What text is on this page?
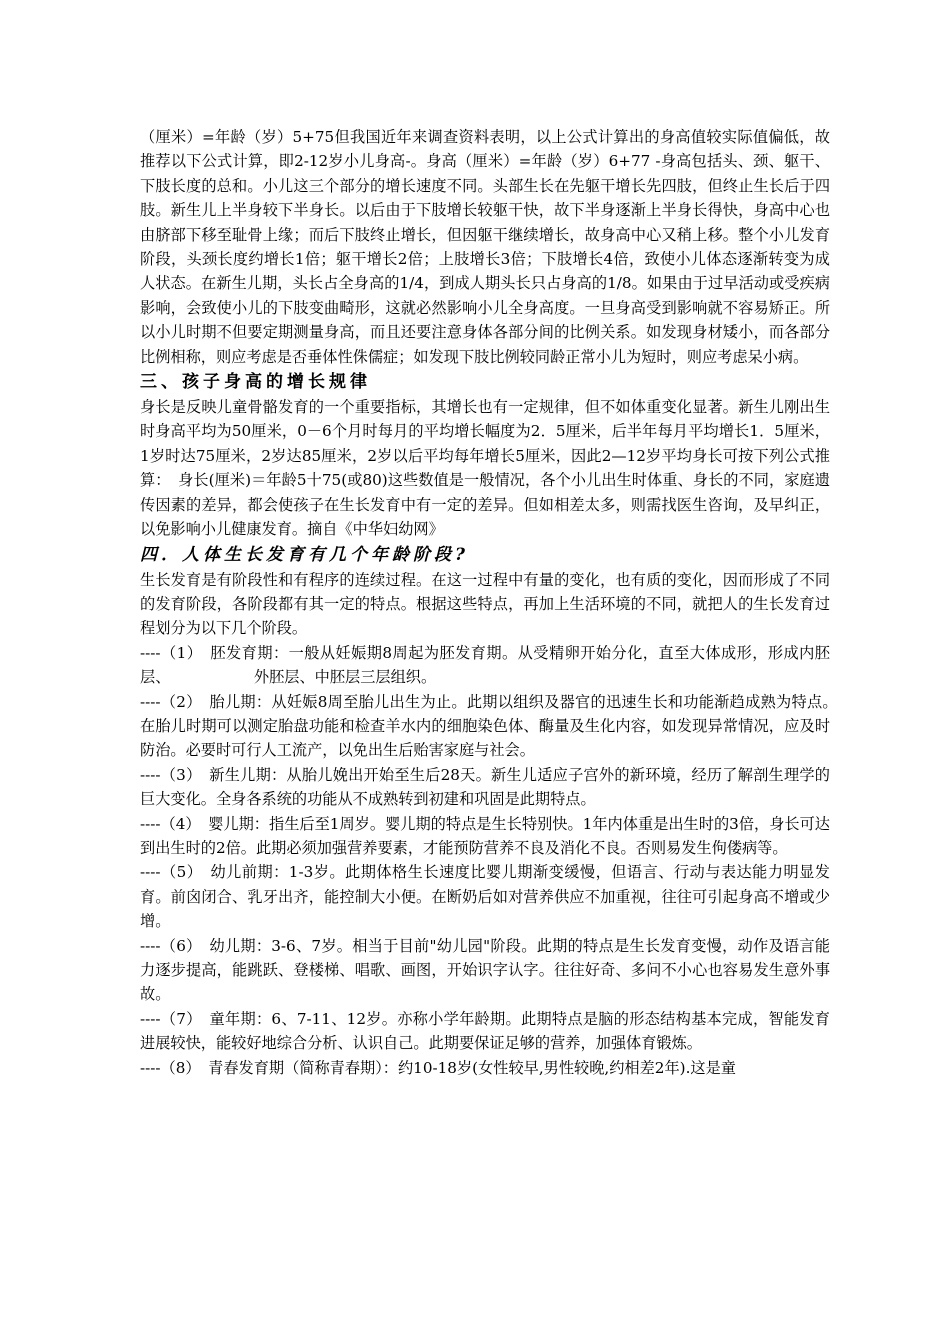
（厘米）=年龄（岁）5+75但我国近年来调查资料表明，以上公式计算出的身高值较实际值偏低，故推荐以下公式计算，即2-12岁小儿身高-。身高（厘米）=年龄（岁）6+77 -身高包括头、颈、躯干、下肢长度的总和。小儿这三个部分的增长速度不同。头部生长在先躯干增长先四肢，但终止生长后于四肢。新生儿上半身较下半身长。以后由于下肢增长较躯干快，故下半身逐渐上半身长得快，身高中心也由脐部下移至耻骨上缘；而后下肢终止增长，但因躯干继续增长，故身高中心又稍上移。整个小儿发育阶段，头颈长度约增长1倍；躯干增长2倍；上肢增长3倍；下肢增长4倍，致使小儿体态逐渐转变为成人状态。在新生儿期，头长占全身高的1/4，到成人期头长只占身高的1/8。如果由于过早活动或受疾病影响，会致使小儿的下肢变曲畸形，这就必然影响小儿全身高度。一旦身高受到影响就不容易矫正。所以小儿时期不但要定期测量身高，而且还要注意身体各部分间的比例关系。如发现身材矮小，而各部分比例相称，则应考虑是否垂体性侏儒症；如发现下肢比例较同龄正常小儿为短时，则应考虑呆小病。

三、孩子身高的增长规律

身长是反映儿童骨骼发育的一个重要指标，其增长也有一定规律，但不如体重变化显著。新生儿刚出生时身高平均为50厘米，0－6个月时每月的平均增长幅度为2．5厘米，后半年每月平均增长1．5厘米，1岁时达75厘米，2岁达85厘米，2岁以后平均每年增长5厘米，因此2—12岁平均身长可按下列公式推算：　身长(厘米)＝年龄5十75(或80)这些数值是一般情况，各个小儿出生时体重、身长的不同，家庭遗传因素的差异，都会使孩子在生长发育中有一定的差异。但如相差太多，则需找医生咨询，及早纠正，以免影响小儿健康发育。摘自《中华妇幼网》

四．人体生长发育有几个年龄阶段?

生长发育是有阶段性和有程序的连续过程。在这一过程中有量的变化，也有质的变化，因而形成了不同的发育阶段，各阶段都有其一定的特点。根据这些特点，再加上生活环境的不同，就把人的生长发育过程划分为以下几个阶段。

----（1）　胚发育期：一般从妊娠期8周起为胚发育期。从受精卵开始分化，直至大体成形，形成内胚层、　　　　　　外胚层、中胚层三层组织。

----（2）　胎儿期：从妊娠8周至胎儿出生为止。此期以组织及器官的迅速生长和功能渐趋成熟为特点。　　在胎儿时期可以测定胎盘功能和检查羊水内的细胞染色体、酶量及生化内容，如发现异常情况，应及时防治。必要时可行人工流产，以免出生后贻害家庭与社会。

----（3）　新生儿期：从胎儿娩出开始至生后28天。新生儿适应子宫外的新环境，经历了解剖生理学的巨大变化。全身各系统的功能从不成熟转到初建和巩固是此期特点。

----（4）　婴儿期：指生后至1周岁。婴儿期的特点是生长特别快。1年内体重是出生时的3倍，身长可达到出生时的2倍。此期必须加强营养要素，才能预防营养不良及消化不良。否则易发生佝偻病等。

----（5）　幼儿前期：1-3岁。此期体格生长速度比婴儿期渐变缓慢，但语言、行动与表达能力明显发育。前囟闭合、乳牙出齐，能控制大小便。在断奶后如对营养供应不加重视，往往可引起身高不增或少增。

----（6）　幼儿期：3-6、7岁。相当于目前"幼儿园"阶段。此期的特点是生长发育变慢，动作及语言能力逐步提高，能跳跃、登楼梯、唱歌、画图，开始识字认字。往往好奇、多问不小心也容易发生意外事故。

----（7）　童年期：6、7-11、12岁。亦称小学年龄期。此期特点是脑的形态结构基本完成，智能发育进展较快，能较好地综合分析、认识自己。此期要保证足够的营养，加强体育锻炼。

----（8）　青春发育期（简称青春期）：约10-18岁(女性较早,男性较晚,约相差2年).这是童
